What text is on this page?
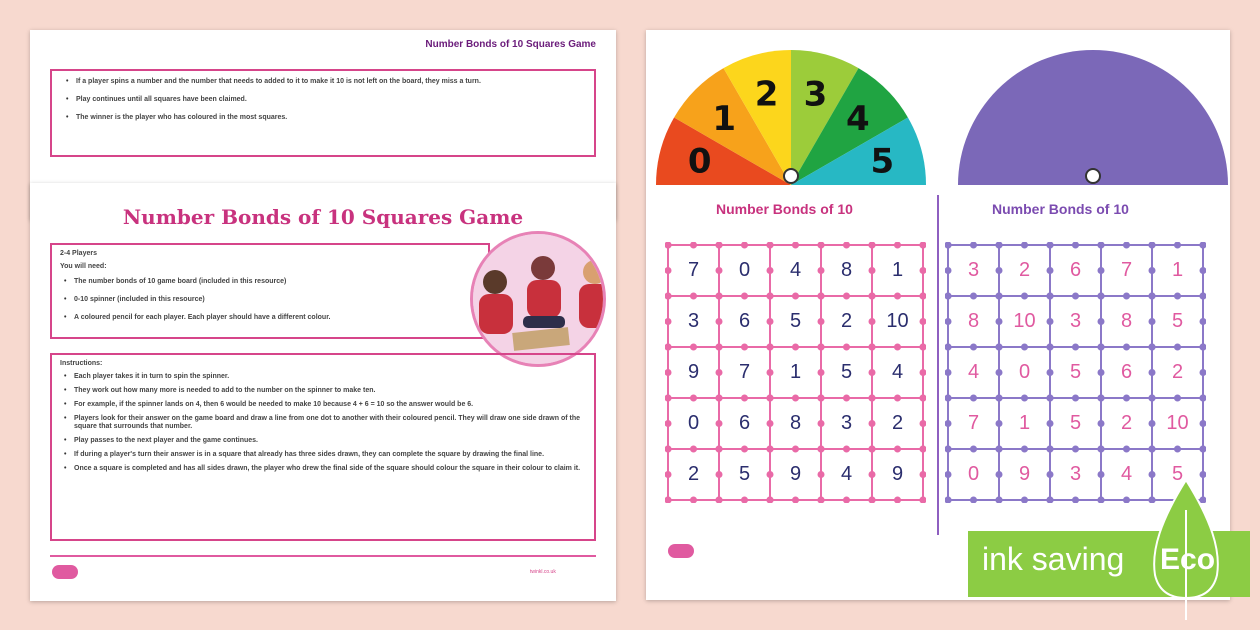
Number Bonds of 10 Squares Game
• If a player spins a number and the number that needs to added to it to make it 10 is not left on the board, they miss a turn.
• Play continues until all squares have been claimed.
• The winner is the player who has coloured in the most squares.
Number Bonds of 10 Squares Game
2-4 Players
You will need:
• The number bonds of 10 game board (included in this resource)
• 0-10 spinner (included in this resource)
• A coloured pencil for each player. Each player should have a different colour.
Instructions:
• Each player takes it in turn to spin the spinner.
• They work out how many more is needed to add to the number on the spinner to make ten.
• For example, if the spinner lands on 4, then 6 would be needed to make 10 because 4 + 6 = 10 so the answer would be 6.
• Players look for their answer on the game board and draw a line from one dot to another with their coloured pencil. They will draw one side drawn of the square that surrounds that number.
• Play passes to the next player and the game continues.
• If during a player's turn their answer is in a square that already has three sides drawn, they can complete the square by drawing the final line.
• Once a square is completed and has all sides drawn, the player who drew the final side of the square should colour the square in their colour to claim it.
twinkl.co.uk
0
1
2 3
4
5
Number Bonds of 10	Number Bonds of 10
7	0	4	8	1
3	6	5	2	10
9	7	1	5	4
0	6	8	3	2
2	5	9	4	9
3	2	6	7	1
8	10	3	8	5
4	0	5	6	2
7	1	5	2	10
0	9	3	4	5
ink saving Eco
